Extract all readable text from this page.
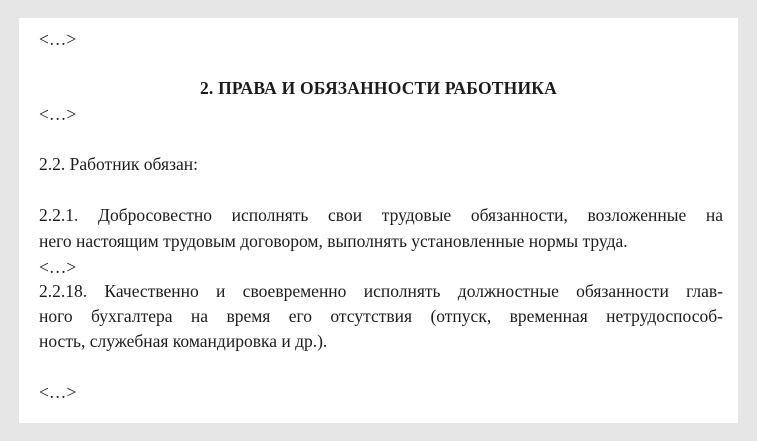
<…>
2. ПРАВА И ОБЯЗАННОСТИ РАБОТНИКА
<…>
2.2. Работник обязан:
2.2.1. Добросовестно исполнять свои трудовые обязанности, возложенные на
него настоящим трудовым договором, выполнять установленные нормы труда.
<…>
2.2.18. Качественно и своевременно исполнять должностные обязанности глав-
ного бухгалтера на время его отсутствия (отпуск, временная нетрудоспособ-
ность, служебная командировка и др.).
<…>
